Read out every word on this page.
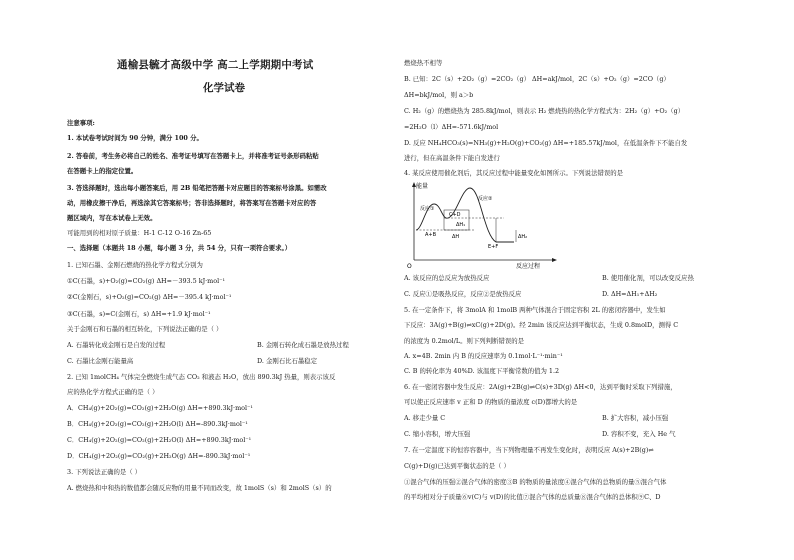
通榆县毓才高级中学 高二上学期期中考试
化学试卷
注意事项:
1. 本试卷考试时间为 90 分钟，满分 100 分。
2. 答卷前，考生务必将自己的姓名、准考证号填写在答题卡上，并将准考证号条形码粘贴
在答题卡上的指定位置。
3. 答选择题时，选出每小题答案后，用 2B 铅笔把答题卡对应题目的答案标号涂黑。如需改
动，用橡皮擦干净后，再选涂其它答案标号；答非选择题时，将答案写在答题卡对应的答
题区域内，写在本试卷上无效。
可能用到的相对原子质量：H-1 C-12 O-16 Zn-65
一、选择题（本题共 18 小题，每小题 3 分，共 54 分，只有一项符合要求。）
1. 已知石墨、金刚石燃烧的热化学方程式分别为
①C(石墨，s)+O₂(g)=CO₂(g) ΔH=－393.5 kJ·mol⁻¹
②C(金刚石，s)+O₂(g)=CO₂(g) ΔH=－395.4 kJ·mol⁻¹
③C(石墨，s)=C(金刚石，s) ΔH=+1.9 kJ·mol⁻¹
关于金刚石和石墨的相互转化，下列说法正确的是（ ）
A. 石墨转化成金刚石是自发的过程	B. 金刚石转化成石墨是放热过程
C. 石墨比金刚石能量高	D. 金刚石比石墨稳定
2. 已知 1molCH₄ 气体完全燃烧生成气态 CO₂ 和液态 H₂O，放出 890.3kJ 热量，则表示该反
应的热化学方程式正确的是（ ）
A．CH₄(g)+2O₂(g)=CO₂(g)+2H₂O(g) ΔH=+890.3kJ·mol⁻¹
B．CH₄(g)+2O₂(g)=CO₂(g)+2H₂O(l) ΔH=-890.3kJ·mol⁻¹
C．CH₄(g)+2O₂(g)=CO₂(g)+2H₂O(l) ΔH=+890.3kJ·mol⁻¹
D．CH₄(g)+2O₂(g)=CO₂(g)+2H₂O(g) ΔH=-890.3kJ·mol⁻¹
3. 下列说法正确的是（ ）
A. 燃烧热和中和热的数值都会随反应物的用量不同而改变，故 1molS（s）和 2molS（s）的
燃烧热不相等
B. 已知：2C（s）+2O₂（g）=2CO₂（g） ΔH=akJ/mol，2C（s）+O₂（g）=2CO（g）
ΔH=bkJ/mol，则 a＞b
C. H₂（g）的燃烧热为 285.8kJ/mol，则表示 H₂ 燃烧热的热化学方程式为：2H₂（g）+O₂（g）
=2H₂O（l）ΔH=-571.6kJ/mol
D. 反应 NH₄HCO₃(s)=NH₃(g)+H₂O(g)+CO₂(g) ΔH=+185.57kJ/mol，在低温条件下不能自发
进行，但在高温条件下能自发进行
4. 某反应使用催化剂后，其反应过程中能量变化如图所示。下列说法错误的是
能量
O	反应过程
反应①
反应②
C+D
A+B
ΔH₁
ΔH
E+F
ΔH₂
A. 该反应的总反应为放热反应	B. 使用催化剂，可以改变反应热
C. 反应①是吸热反应，反应②是放热反应	D. ΔH=ΔH₁+ΔH₂
5. 在一定条件下，将 3molA 和 1molB 两种气体混合于固定容积 2L 的密闭容器中，发生如
下反应：3A(g)+B(g)⇌xC(g)+2D(g)。经 2min 该反应达到平衡状态，生成 0.8molD，测得 C
的浓度为 0.2mol/L。则下列判断错误的是
A. x=4B. 2min 内 B 的反应速率为 0.1mol·L⁻¹·min⁻¹
C. B 的转化率为 40%D. 该温度下平衡常数的值为 1.2
6. 在一密闭容器中发生反应：2A(g)+2B(g)⇌C(s)+3D(g) ΔH<0，达到平衡时采取下列措施，
可以使正反应速率 v 正和 D 的物质的量浓度 c(D)都增大的是
A. 移走少量 C	B. 扩大容积，减小压强
C. 缩小容积，增大压强	D. 容积不变，充入 He 气
7. 在一定温度下的恒容容器中，当下列物理量不再发生变化时，表明反应 A(s)+2B(g)⇌
C(g)+D(g)已达到平衡状态的是（ ）
①混合气体的压强②混合气体的密度③B 的物质的量浓度④混合气体的总物质的量⑤混合气体
的平均相对分子质量⑥v(C)与 v(D)的比值⑦混合气体的总质量⑧混合气体的总体积⑨C、D
